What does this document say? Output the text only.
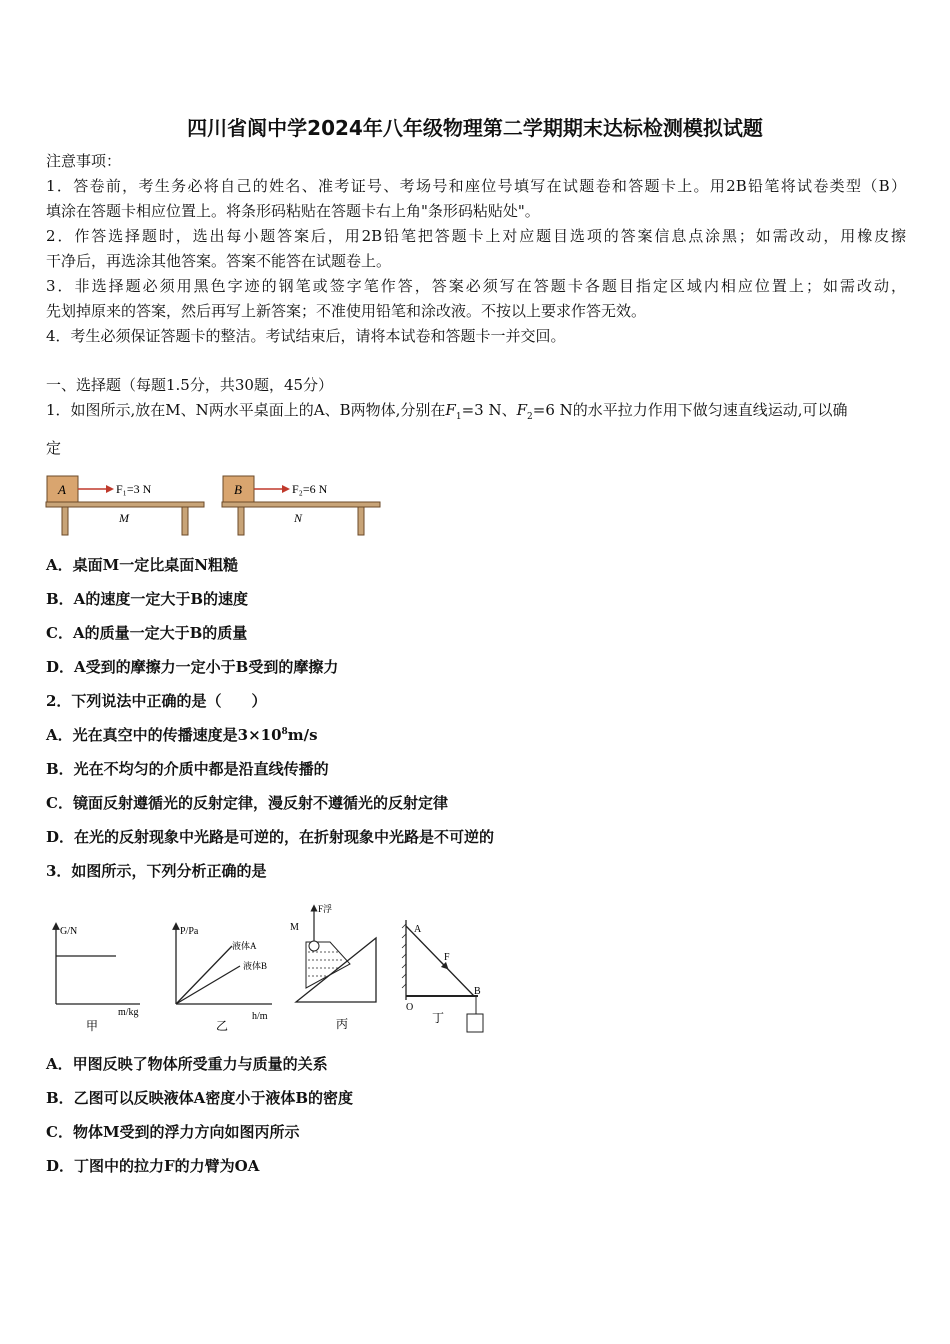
四川省阆中学2024年八年级物理第二学期期末达标检测模拟试题
注意事项：
1．答卷前，考生务必将自己的姓名、准考证号、考场号和座位号填写在试题卷和答题卡上。用2B铅笔将试卷类型（B）
填涂在答题卡相应位置上。将条形码粘贴在答题卡右上角"条形码粘贴处"。
2．作答选择题时，选出每小题答案后，用2B铅笔把答题卡上对应题目选项的答案信息点涂黑；如需改动，用橡皮擦
干净后，再选涂其他答案。答案不能答在试题卷上。
3．非选择题必须用黑色字迹的钢笔或签字笔作答，答案必须写在答题卡各题目指定区域内相应位置上；如需改动，
先划掉原来的答案，然后再写上新答案；不准使用铅笔和涂改液。不按以上要求作答无效。
4．考生必须保证答题卡的整洁。考试结束后，请将本试卷和答题卡一并交回。
一、选择题（每题1.5分，共30题，45分）
1．如图所示,放在M、N两水平桌面上的A、B两物体,分别在$F_1=3$ N、$F_2=6$ N的水平拉力作用下做匀速直线运动,可以确
定
A	F₁=3 N
M
B	F₂=6 N
N
A．桌面M一定比桌面N粗糙
B．A的速度一定大于B的速度
C．A的质量一定大于B的质量
D．A受到的摩擦力一定小于B受到的摩擦力
2．下列说法中正确的是（　　）
A．光在真空中的传播速度是$3\times 10^8m/s$
B．光在不均匀的介质中都是沿直线传播的
C．镜面反射遵循光的反射定律，漫反射不遵循光的反射定律
D．在光的反射现象中光路是可逆的，在折射现象中光路是不可逆的
3．如图所示，下列分析正确的是
G/N
m/kg
甲
P/Pa
液体A
液体B
h/m
乙
M
F浮
丙
A
F
B
O
丁
A．甲图反映了物体所受重力与质量的关系
B．乙图可以反映液体A密度小于液体B的密度
C．物体M受到的浮力方向如图丙所示
D．丁图中的拉力F的力臂为OA
